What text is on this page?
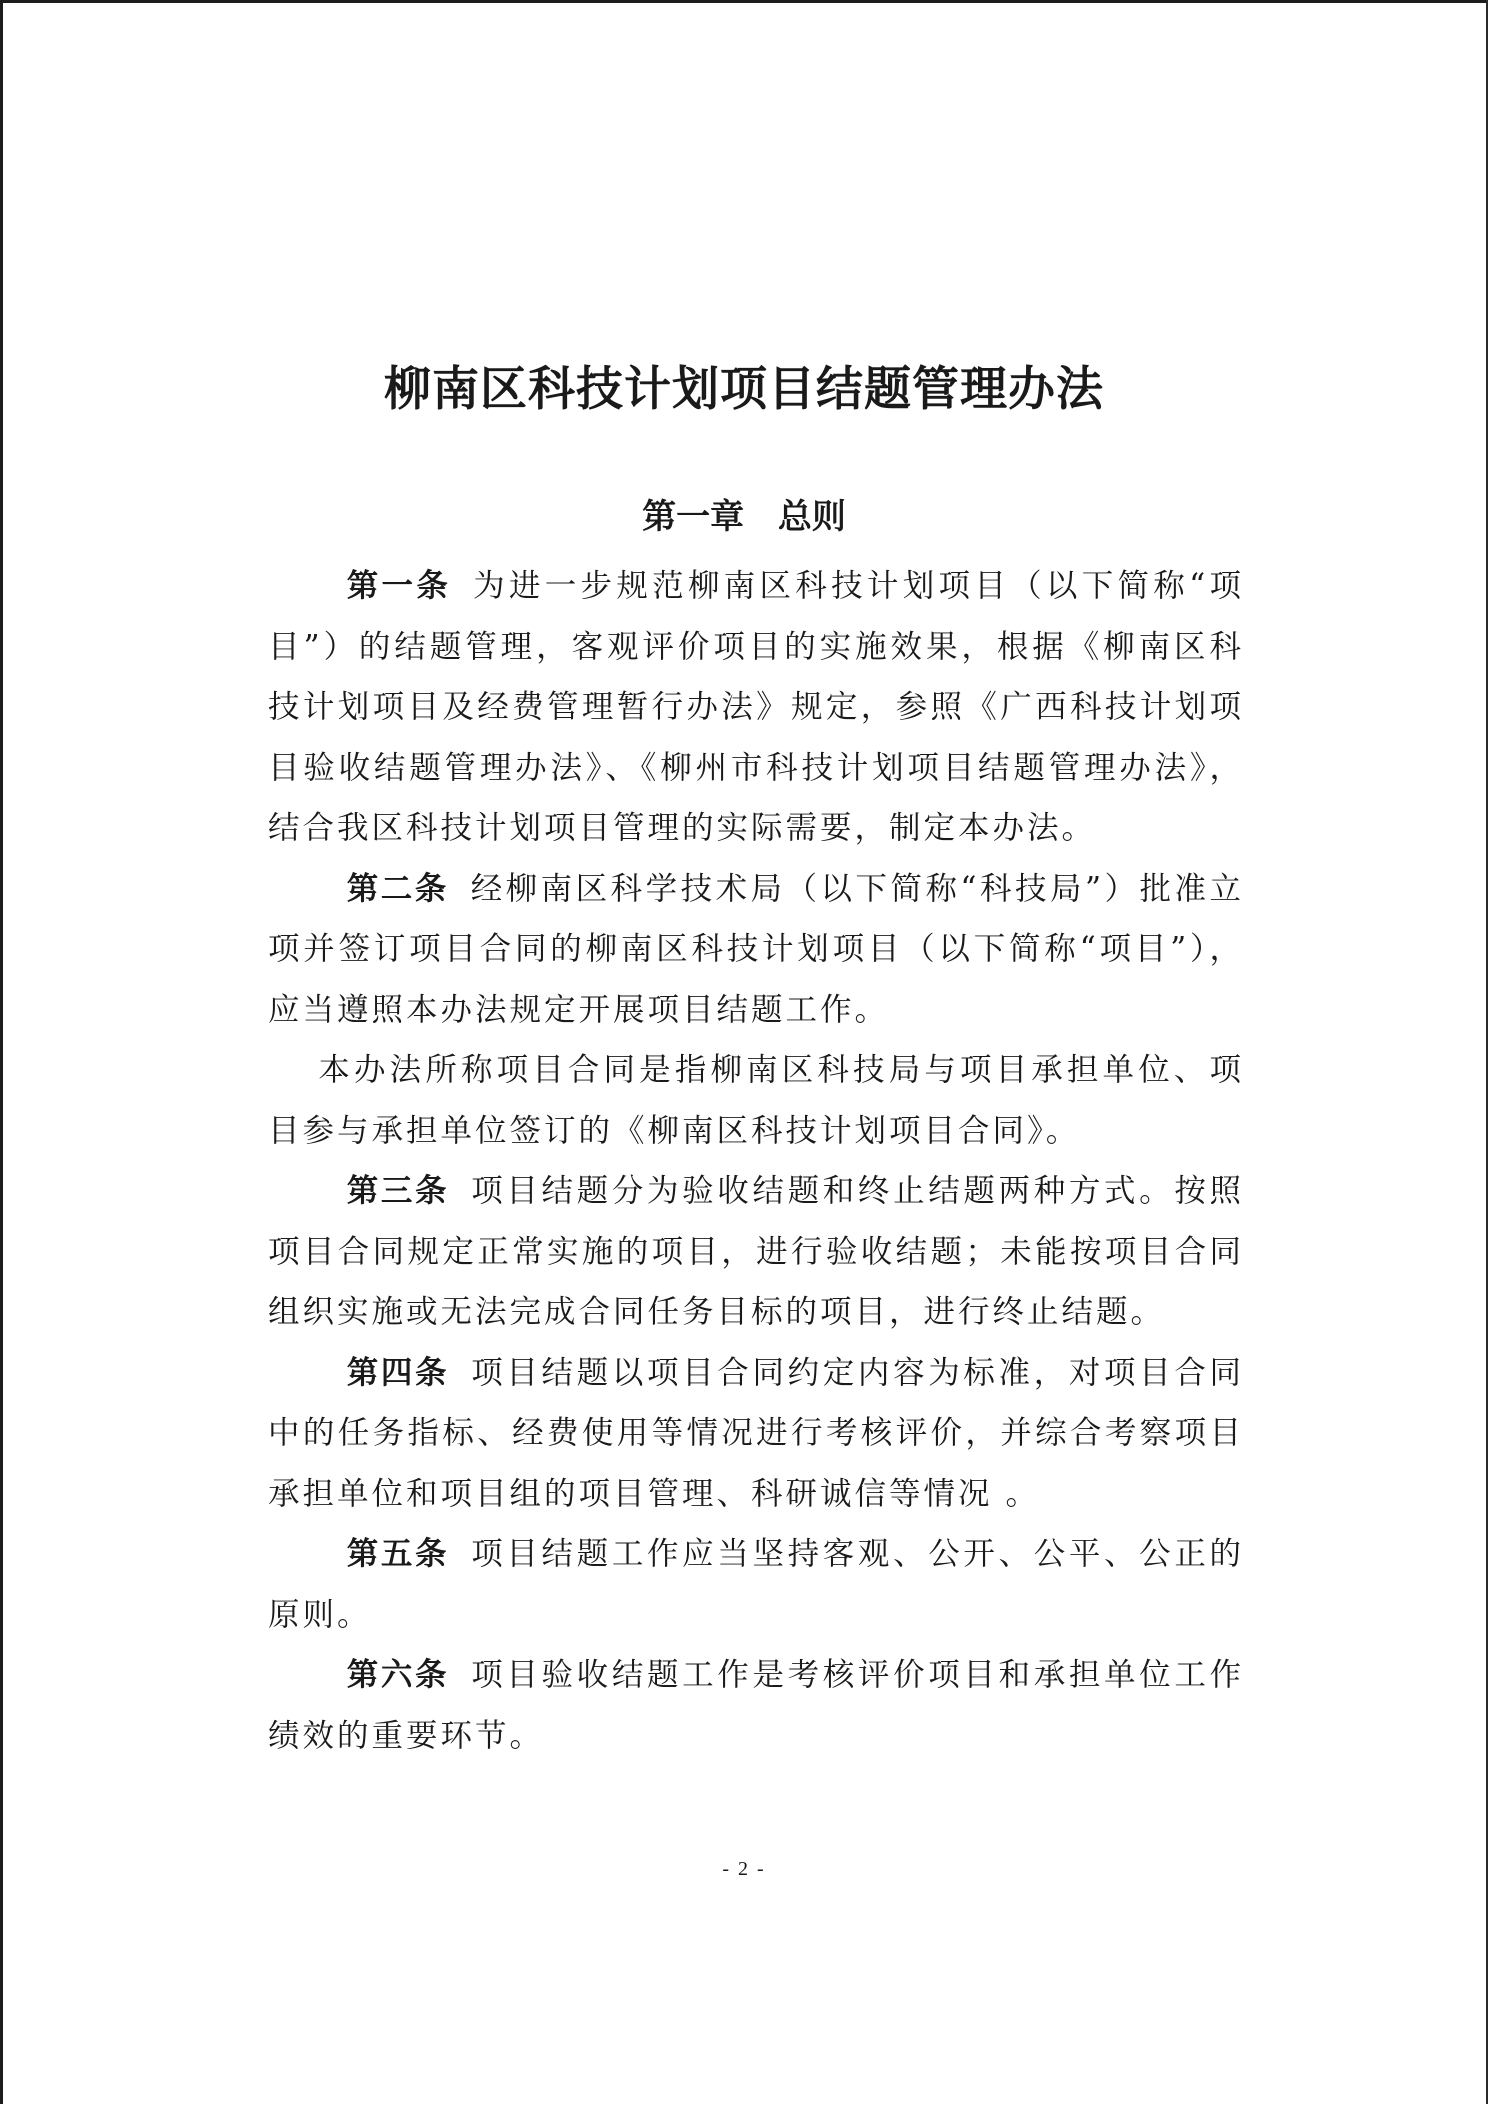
柳南区科技计划项目结题管理办法
第一章 总则

第一条 为进一步规范柳南区科技计划项目（以下简称“项目”）的结题管理，客观评价项目的实施效果，根据《柳南区科技计划项目及经费管理暂行办法》规定，参照《广西科技计划项目验收结题管理办法》、《柳州市科技计划项目结题管理办法》，结合我区科技计划项目管理的实际需要，制定本办法。

第二条 经柳南区科学技术局（以下简称“科技局”）批准立项并签订项目合同的柳南区科技计划项目（以下简称“项目”），应当遵照本办法规定开展项目结题工作。

本办法所称项目合同是指柳南区科技局与项目承担单位、项目参与承担单位签订的《柳南区科技计划项目合同》。

第三条 项目结题分为验收结题和终止结题两种方式。按照项目合同规定正常实施的项目，进行验收结题；未能按项目合同组织实施或无法完成合同任务目标的项目，进行终止结题。

第四条 项目结题以项目合同约定内容为标准，对项目合同中的任务指标、经费使用等情况进行考核评价，并综合考察项目承担单位和项目组的项目管理、科研诚信等情况 。

第五条 项目结题工作应当坚持客观、公开、公平、公正的原则。

第六条 项目验收结题工作是考核评价项目和承担单位工作绩效的重要环节。

- 2 -
